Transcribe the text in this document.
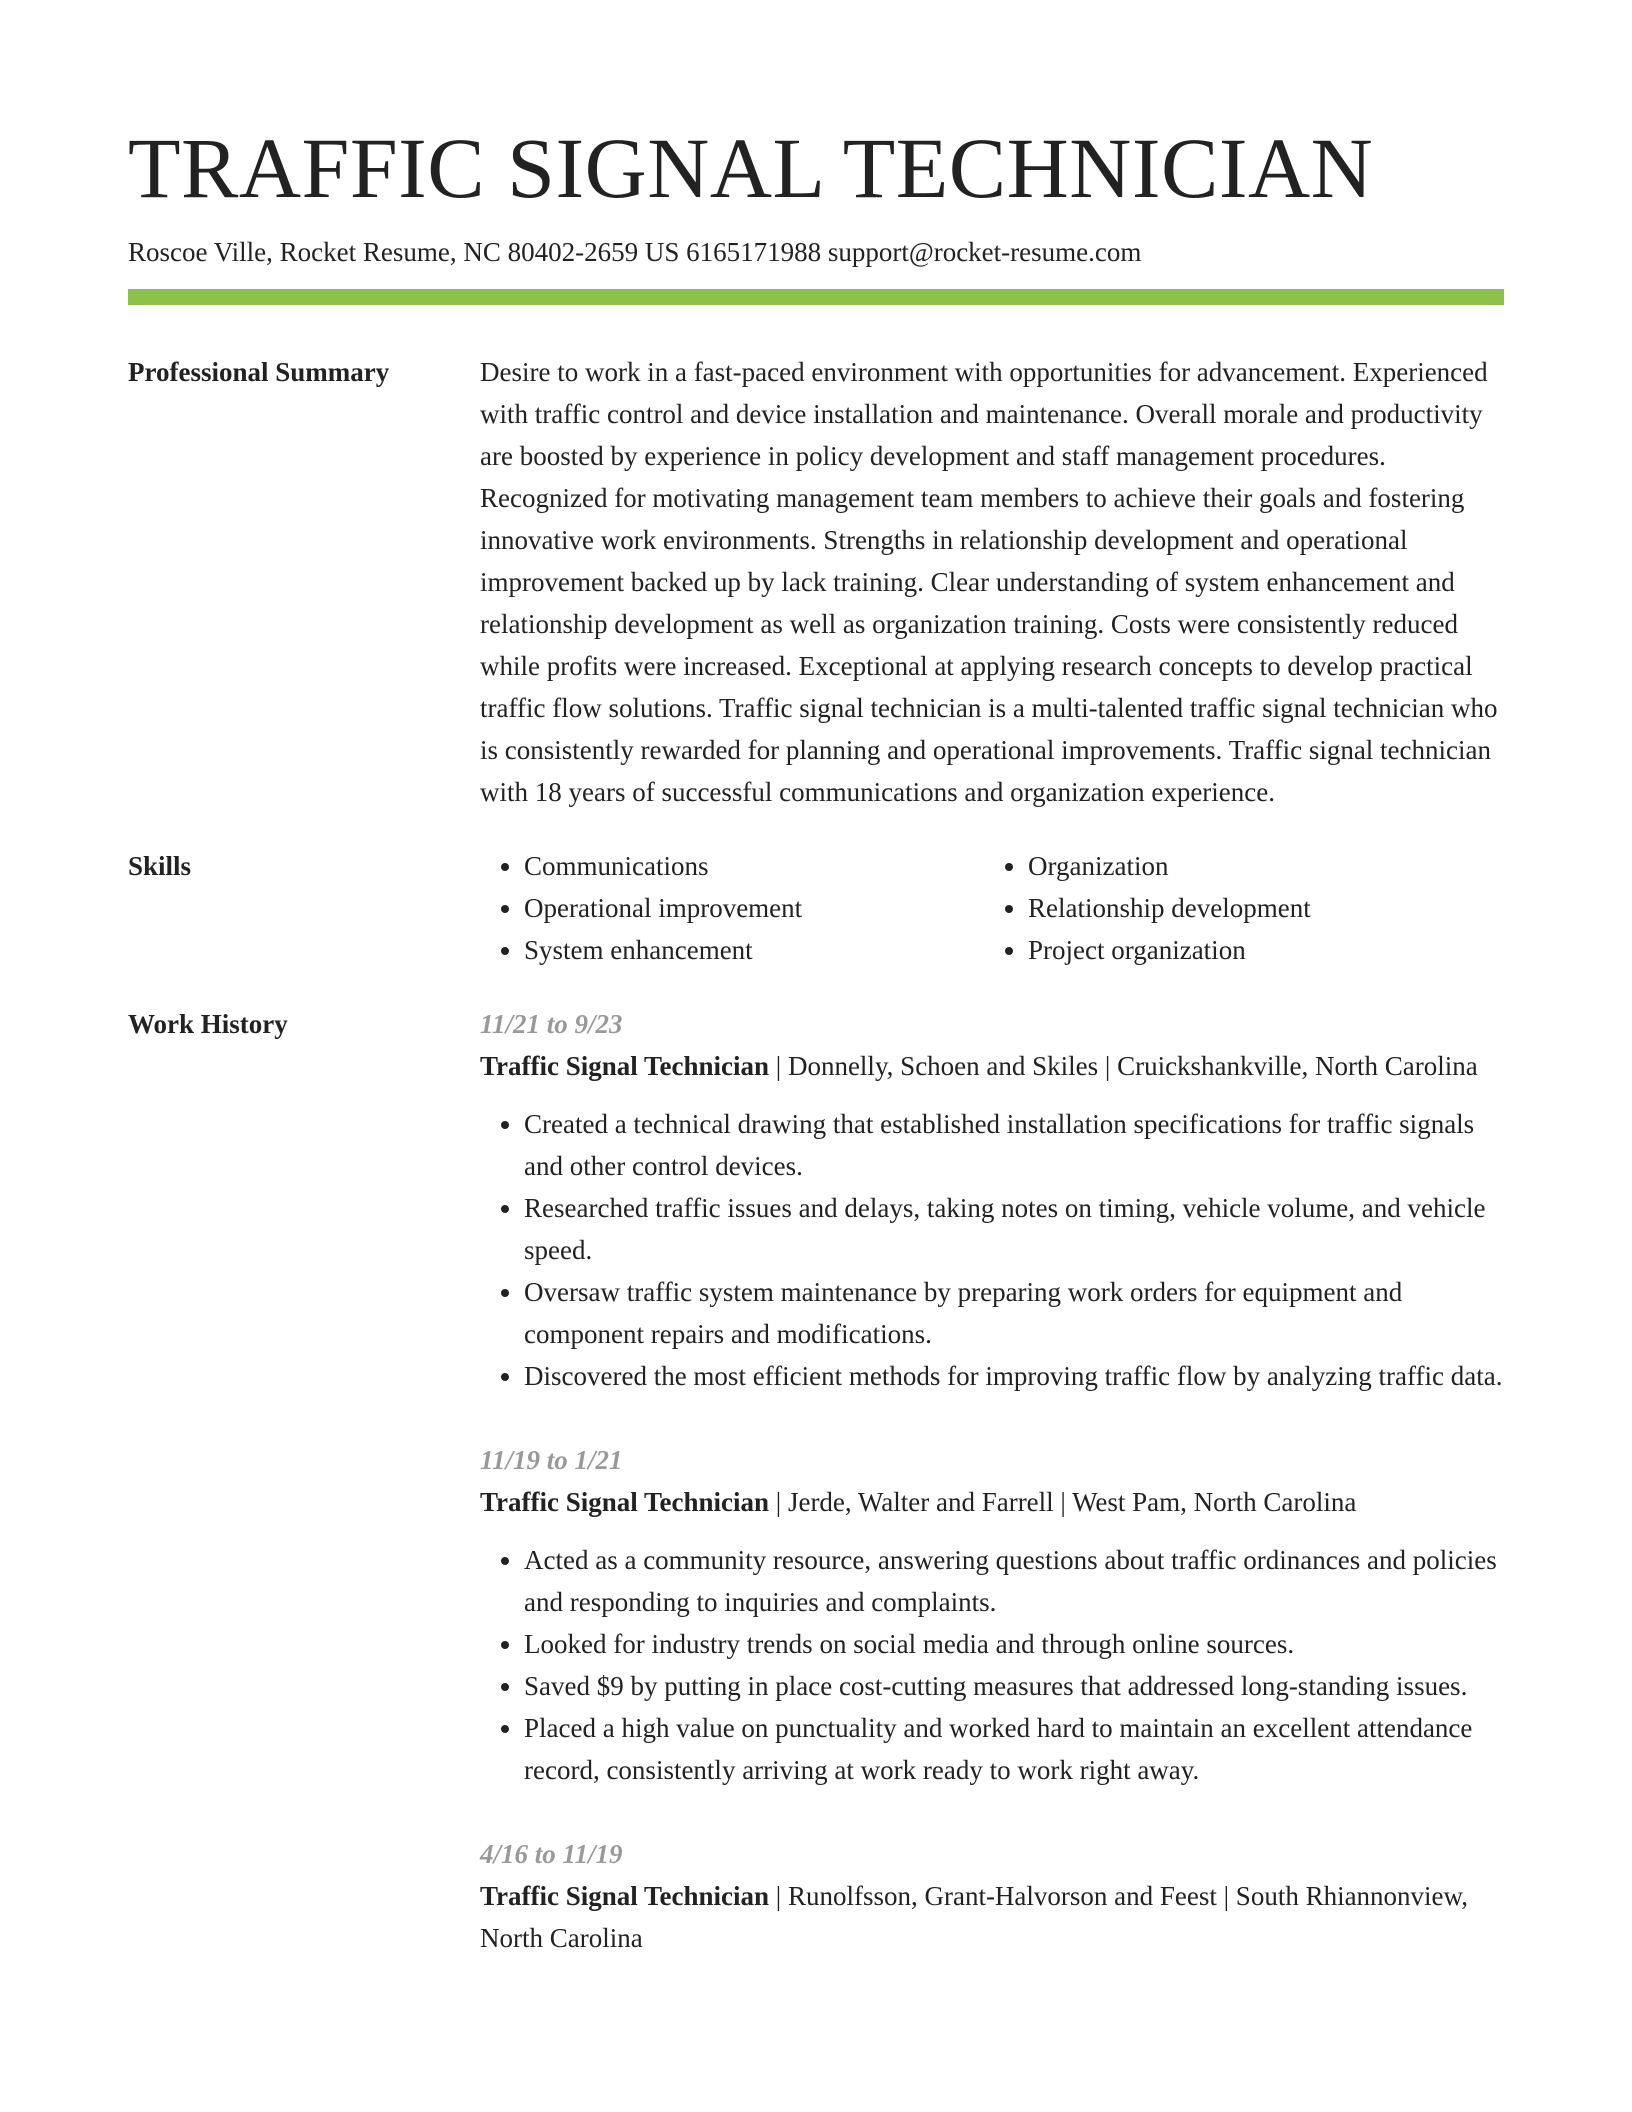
TRAFFIC SIGNAL TECHNICIAN
Roscoe Ville, Rocket Resume, NC 80402-2659 US 6165171988 support@rocket-resume.com
Professional Summary	Desire to work in a fast-paced environment with opportunities for advancement. Experienced with traffic control and device installation and maintenance. Overall morale and productivity are boosted by experience in policy development and staff management procedures. Recognized for motivating management team members to achieve their goals and fostering innovative work environments. Strengths in relationship development and operational improvement backed up by lack training. Clear understanding of system enhancement and relationship development as well as organization training. Costs were consistently reduced while profits were increased. Exceptional at applying research concepts to develop practical traffic flow solutions. Traffic signal technician is a multi-talented traffic signal technician who is consistently rewarded for planning and operational improvements. Traffic signal technician with 18 years of successful communications and organization experience.
Skills
•	Communications
• Operational improvement
• System enhancement
• Organization
• Relationship development
• Project organization
Work History	11/21 to 9/23
Traffic Signal Technician | Donnelly, Schoen and Skiles | Cruickshankville, North Carolina
• Created a technical drawing that established installation specifications for traffic signals and other control devices.
• Researched traffic issues and delays, taking notes on timing, vehicle volume, and vehicle speed.
• Oversaw traffic system maintenance by preparing work orders for equipment and component repairs and modifications.
• Discovered the most efficient methods for improving traffic flow by analyzing traffic data.
11/19 to 1/21
Traffic Signal Technician | Jerde, Walter and Farrell | West Pam, North Carolina
• Acted as a community resource, answering questions about traffic ordinances and policies and responding to inquiries and complaints.
• Looked for industry trends on social media and through online sources.
• Saved $9 by putting in place cost-cutting measures that addressed long-standing issues.
• Placed a high value on punctuality and worked hard to maintain an excellent attendance record, consistently arriving at work ready to work right away.
4/16 to 11/19
Traffic Signal Technician | Runolfsson, Grant-Halvorson and Feest | South Rhiannonview, North Carolina
